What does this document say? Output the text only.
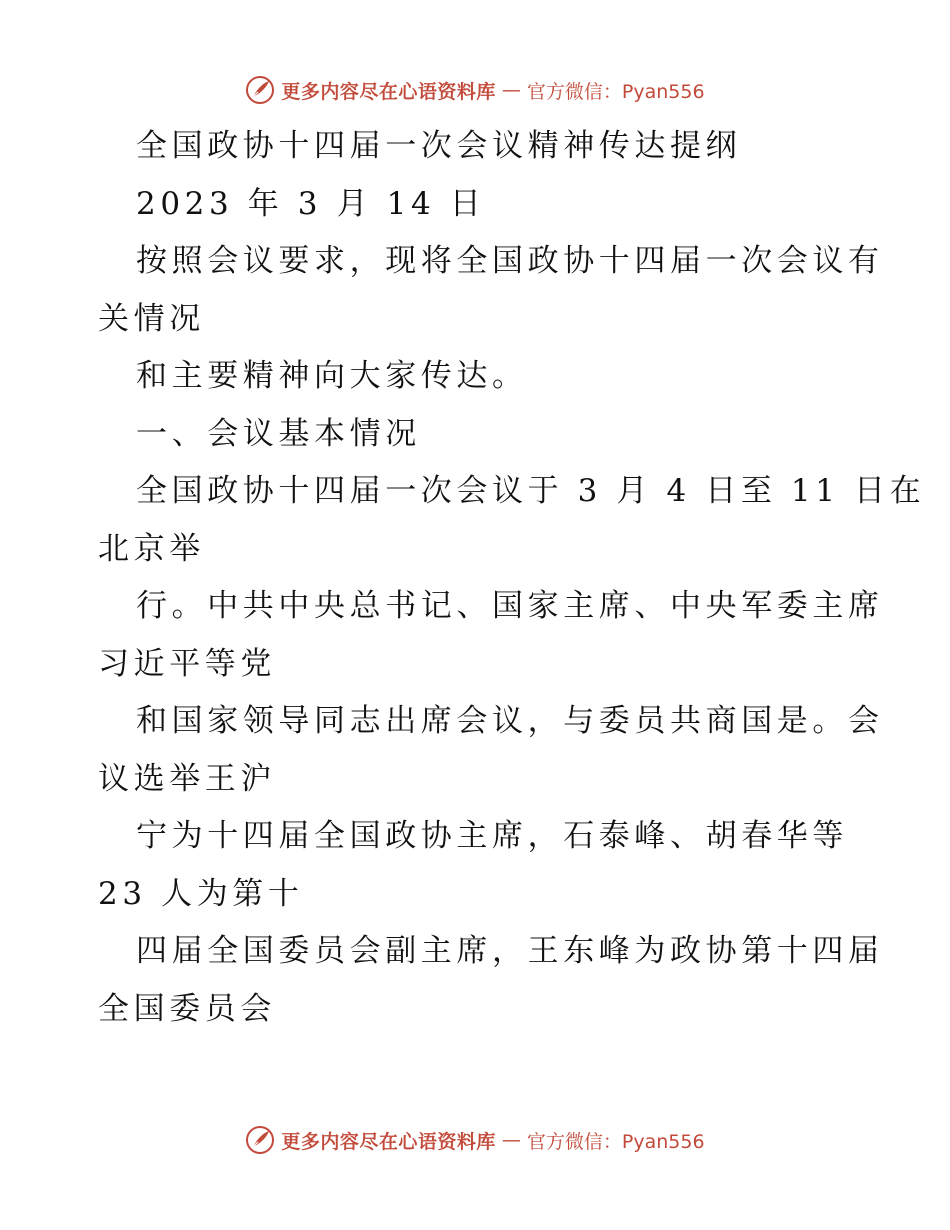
更多内容尽在心语资料库 — 官方微信：Pyan556
全国政协十四届一次会议精神传达提纲
2023 年 3 月 14 日
按照会议要求，现将全国政协十四届一次会议有
关情况
和主要精神向大家传达。
一、会议基本情况
全国政协十四届一次会议于 3 月 4 日至 11 日在
北京举
行。中共中央总书记、国家主席、中央军委主席
习近平等党
和国家领导同志出席会议，与委员共商国是。会
议选举王沪
宁为十四届全国政协主席，石泰峰、胡春华等
23 人为第十
四届全国委员会副主席，王东峰为政协第十四届
全国委员会
更多内容尽在心语资料库 — 官方微信：Pyan556
